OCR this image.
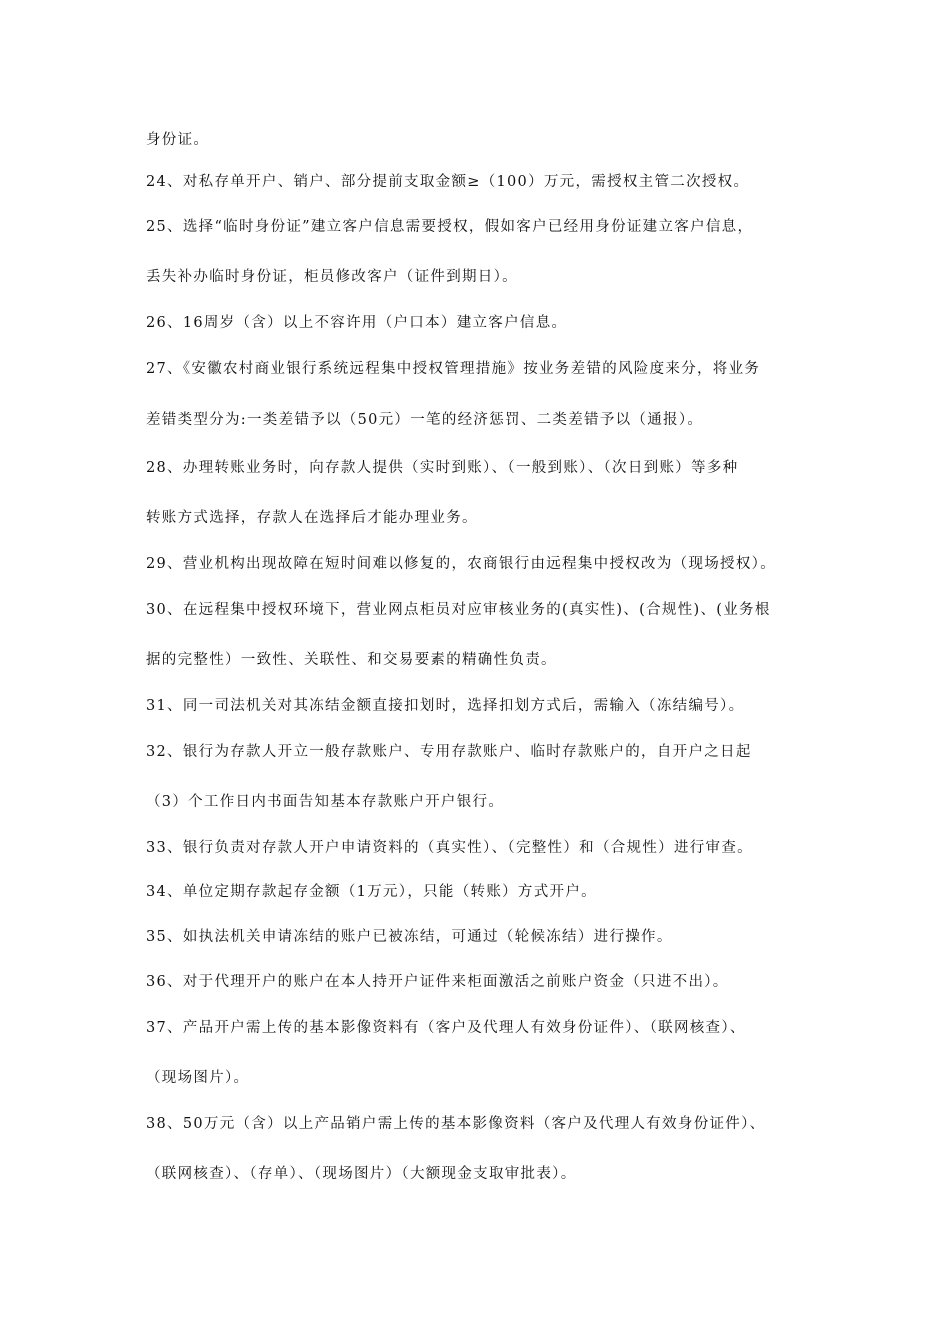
身份证。
24、对私存单开户、销户、部分提前支取金额≥（100）万元，需授权主管二次授权。
25、选择“临时身份证”建立客户信息需要授权，假如客户已经用身份证建立客户信息，
丢失补办临时身份证，柜员修改客户（证件到期日）。
26、16周岁（含）以上不容许用（户口本）建立客户信息。
27、《安徽农村商业银行系统远程集中授权管理措施》按业务差错的风险度来分，将业务
差错类型分为:一类差错予以（50元）一笔的经济惩罚、二类差错予以（通报）。
28、办理转账业务时，向存款人提供（实时到账）、（一般到账）、（次日到账）等多种
转账方式选择，存款人在选择后才能办理业务。
29、营业机构出现故障在短时间难以修复的，农商银行由远程集中授权改为（现场授权）。
30、在远程集中授权环境下，营业网点柜员对应审核业务的(真实性)、(合规性)、(业务根
据的完整性）一致性、关联性、和交易要素的精确性负责。
31、同一司法机关对其冻结金额直接扣划时，选择扣划方式后，需输入（冻结编号）。
32、银行为存款人开立一般存款账户、专用存款账户、临时存款账户的，自开户之日起
（3）个工作日内书面告知基本存款账户开户银行。
33、银行负责对存款人开户申请资料的（真实性）、（完整性）和（合规性）进行审查。
34、单位定期存款起存金额（1万元），只能（转账）方式开户。
35、如执法机关申请冻结的账户已被冻结，可通过（轮候冻结）进行操作。
36、对于代理开户的账户在本人持开户证件来柜面激活之前账户资金（只进不出）。
37、产品开户需上传的基本影像资料有（客户及代理人有效身份证件）、（联网核查）、
（现场图片）。
38、50万元（含）以上产品销户需上传的基本影像资料（客户及代理人有效身份证件）、
（联网核查）、（存单）、（现场图片）（大额现金支取审批表）。
